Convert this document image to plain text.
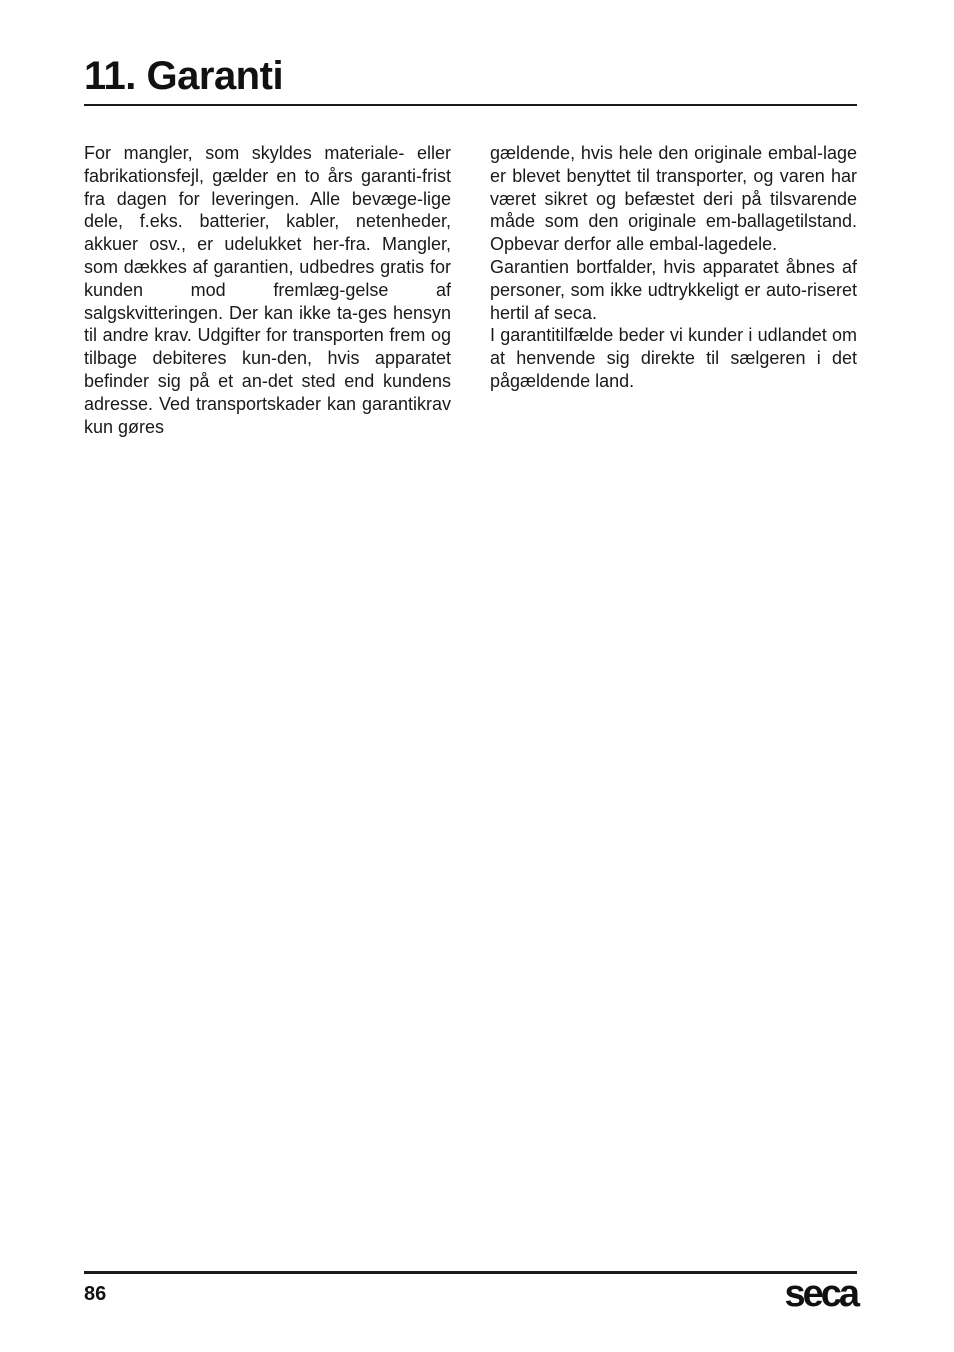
11. Garanti

For mangler, som skyldes materiale- eller fabrikationsfejl, gælder en to års garanti-frist fra dagen for leveringen. Alle bevæge-lige dele, f.eks. batterier, kabler, netenheder, akkuer osv., er udelukket her-fra. Mangler, som dækkes af garantien, udbedres gratis for kunden mod fremlæg-gelse af salgskvitteringen. Der kan ikke ta-ges hensyn til andre krav. Udgifter for transporten frem og tilbage debiteres kun-den, hvis apparatet befinder sig på et an-det sted end kundens adresse. Ved transportskader kan garantikrav kun gøres

gældende, hvis hele den originale embal-lage er blevet benyttet til transporter, og varen har været sikret og befæstet deri på tilsvarende måde som den originale em-ballagetilstand. Opbevar derfor alle embal-lagedele.

Garantien bortfalder, hvis apparatet åbnes af personer, som ikke udtrykkeligt er auto-riseret hertil af seca.

I garantitilfælde beder vi kunder i udlandet om at henvende sig direkte til sælgeren i det pågældende land.

86	seca
